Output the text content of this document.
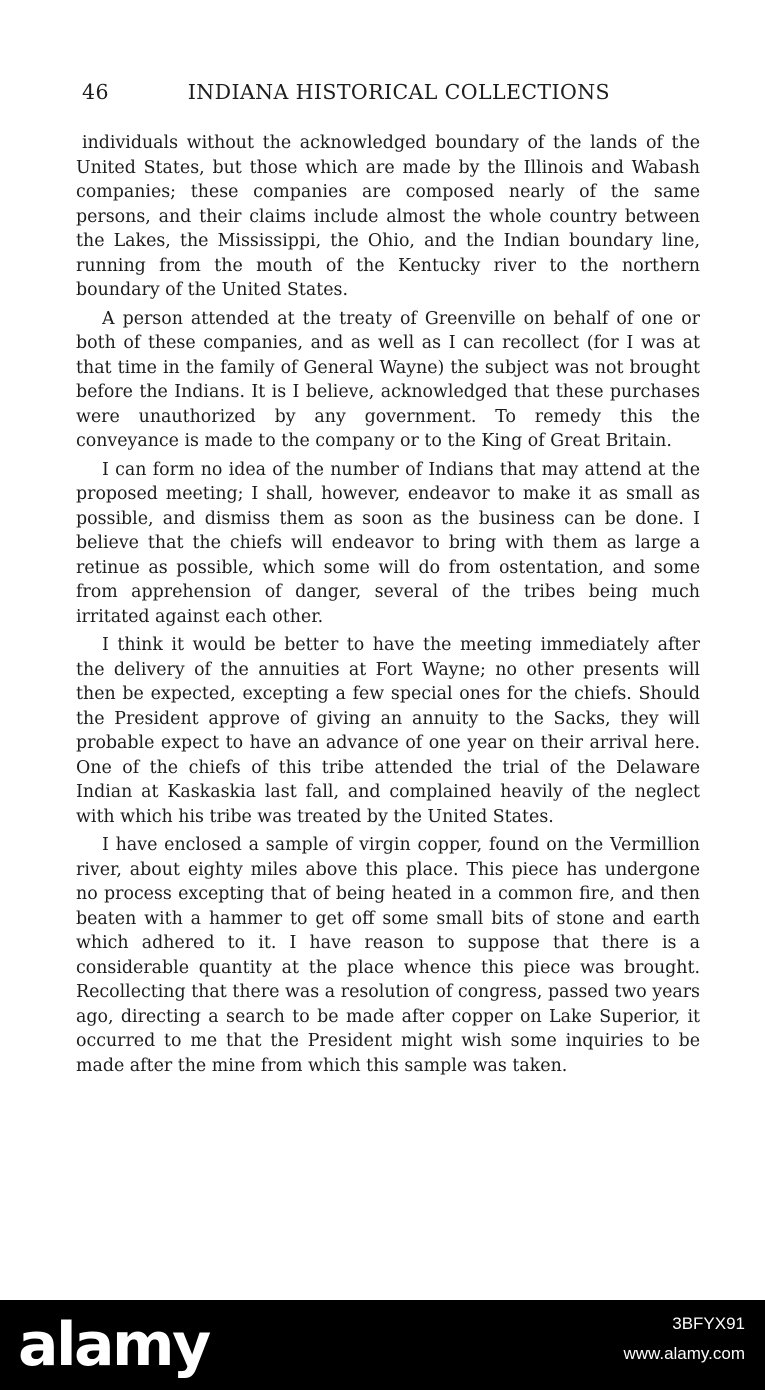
46	INDIANA HISTORICAL COLLECTIONS

individuals without the acknowledged boundary of the lands of the United States, but those which are made by the Illinois and Wabash companies; these companies are composed nearly of the same persons, and their claims include almost the whole country between the Lakes, the Mississippi, the Ohio, and the Indian boundary line, running from the mouth of the Kentucky river to the northern boundary of the United States.

A person attended at the treaty of Greenville on behalf of one or both of these companies, and as well as I can recollect (for I was at that time in the family of General Wayne) the subject was not brought before the Indians. It is I believe, acknowledged that these purchases were unauthorized by any government. To remedy this the conveyance is made to the company or to the King of Great Britain.

I can form no idea of the number of Indians that may attend at the proposed meeting; I shall, however, endeavor to make it as small as possible, and dismiss them as soon as the business can be done. I believe that the chiefs will endeavor to bring with them as large a retinue as possible, which some will do from ostentation, and some from apprehension of danger, several of the tribes being much irritated against each other.

I think it would be better to have the meeting immediately after the delivery of the annuities at Fort Wayne; no other presents will then be expected, excepting a few special ones for the chiefs. Should the President approve of giving an annuity to the Sacks, they will probable expect to have an advance of one year on their arrival here. One of the chiefs of this tribe attended the trial of the Delaware Indian at Kaskaskia last fall, and complained heavily of the neglect with which his tribe was treated by the United States.

I have enclosed a sample of virgin copper, found on the Vermillion river, about eighty miles above this place. This piece has undergone no process excepting that of being heated in a common fire, and then beaten with a hammer to get off some small bits of stone and earth which adhered to it. I have reason to suppose that there is a considerable quantity at the place whence this piece was brought. Recollecting that there was a resolution of congress, passed two years ago, directing a search to be made after copper on Lake Superior, it occurred to me that the President might wish some inquiries to be made after the mine from which this sample was taken.

alamy	3BFYX91
www.alamy.com
